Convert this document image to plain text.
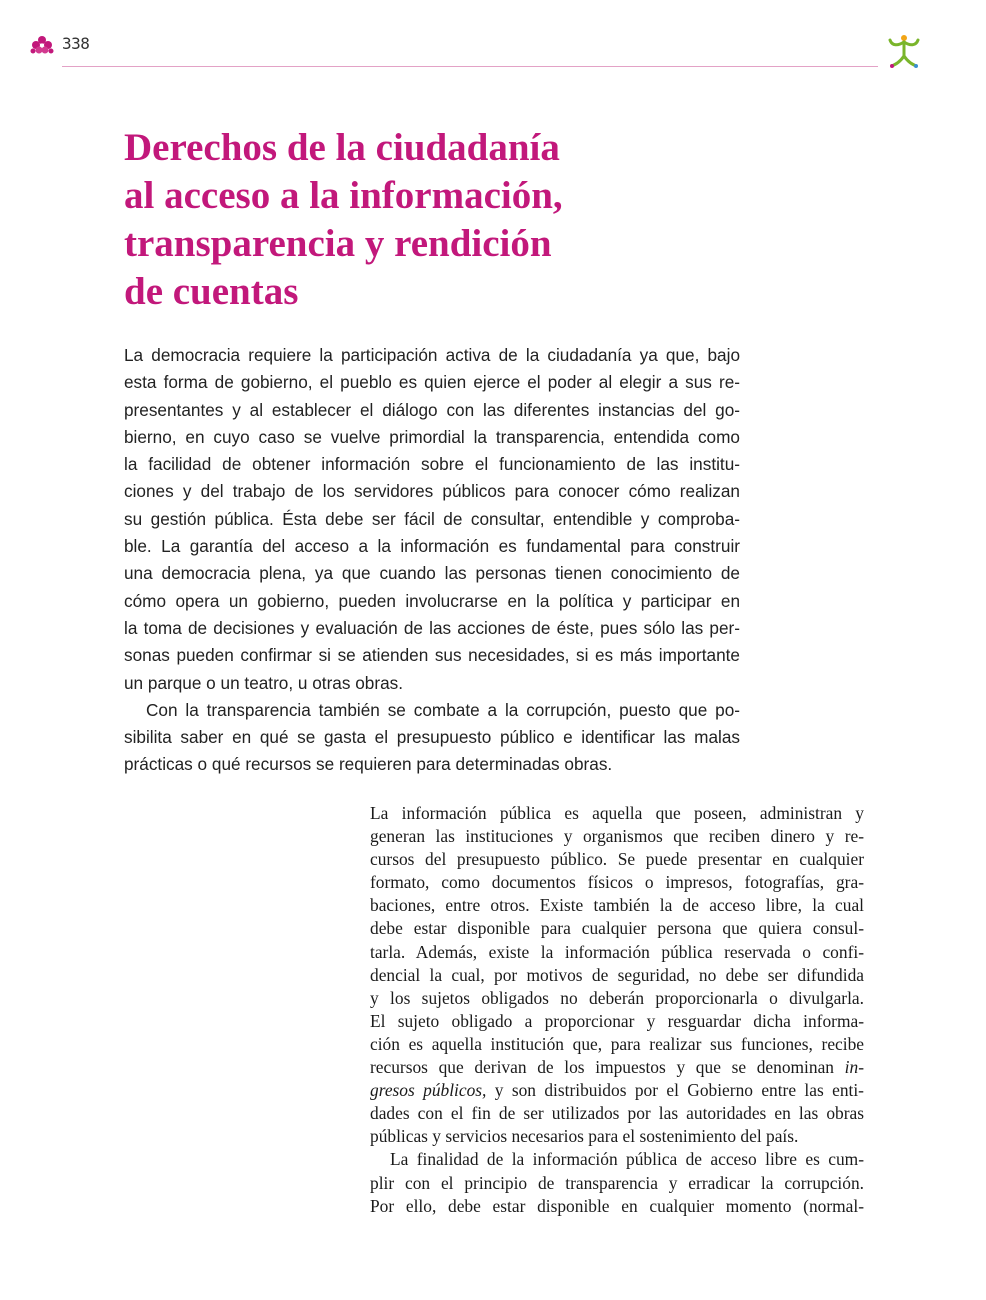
338
Derechos de la ciudadanía
al acceso a la información,
transparencia y rendición
de cuentas
La democracia requiere la participación activa de la ciudadanía ya que, bajo
esta forma de gobierno, el pueblo es quien ejerce el poder al elegir a sus re-
presentantes y al establecer el diálogo con las diferentes instancias del go-
bierno, en cuyo caso se vuelve primordial la transparencia, entendida como
la facilidad de obtener información sobre el funcionamiento de las institu-
ciones y del trabajo de los servidores públicos para conocer cómo realizan
su gestión pública. Ésta debe ser fácil de consultar, entendible y comproba-
ble. La garantía del acceso a la información es fundamental para construir
una democracia plena, ya que cuando las personas tienen conocimiento de
cómo opera un gobierno, pueden involucrarse en la política y participar en
la toma de decisiones y evaluación de las acciones de éste, pues sólo las per-
sonas pueden confirmar si se atienden sus necesidades, si es más importante
un parque o un teatro, u otras obras.
Con la transparencia también se combate a la corrupción, puesto que po-
sibilita saber en qué se gasta el presupuesto público e identificar las malas
prácticas o qué recursos se requieren para determinadas obras.
La información pública es aquella que poseen, administran y
generan las instituciones y organismos que reciben dinero y re-
cursos del presupuesto público. Se puede presentar en cualquier
formato, como documentos físicos o impresos, fotografías, gra-
baciones, entre otros. Existe también la de acceso libre, la cual
debe estar disponible para cualquier persona que quiera consul-
tarla. Además, existe la información pública reservada o confi-
dencial la cual, por motivos de seguridad, no debe ser difundida
y los sujetos obligados no deberán proporcionarla o divulgarla.
El sujeto obligado a proporcionar y resguardar dicha informa-
ción es aquella institución que, para realizar sus funciones, recibe
recursos que derivan de los impuestos y que se denominan in-
gresos públicos, y son distribuidos por el Gobierno entre las enti-
dades con el fin de ser utilizados por las autoridades en las obras
públicas y servicios necesarios para el sostenimiento del país.
La finalidad de la información pública de acceso libre es cum-
plir con el principio de transparencia y erradicar la corrupción.
Por ello, debe estar disponible en cualquier momento (normal-
